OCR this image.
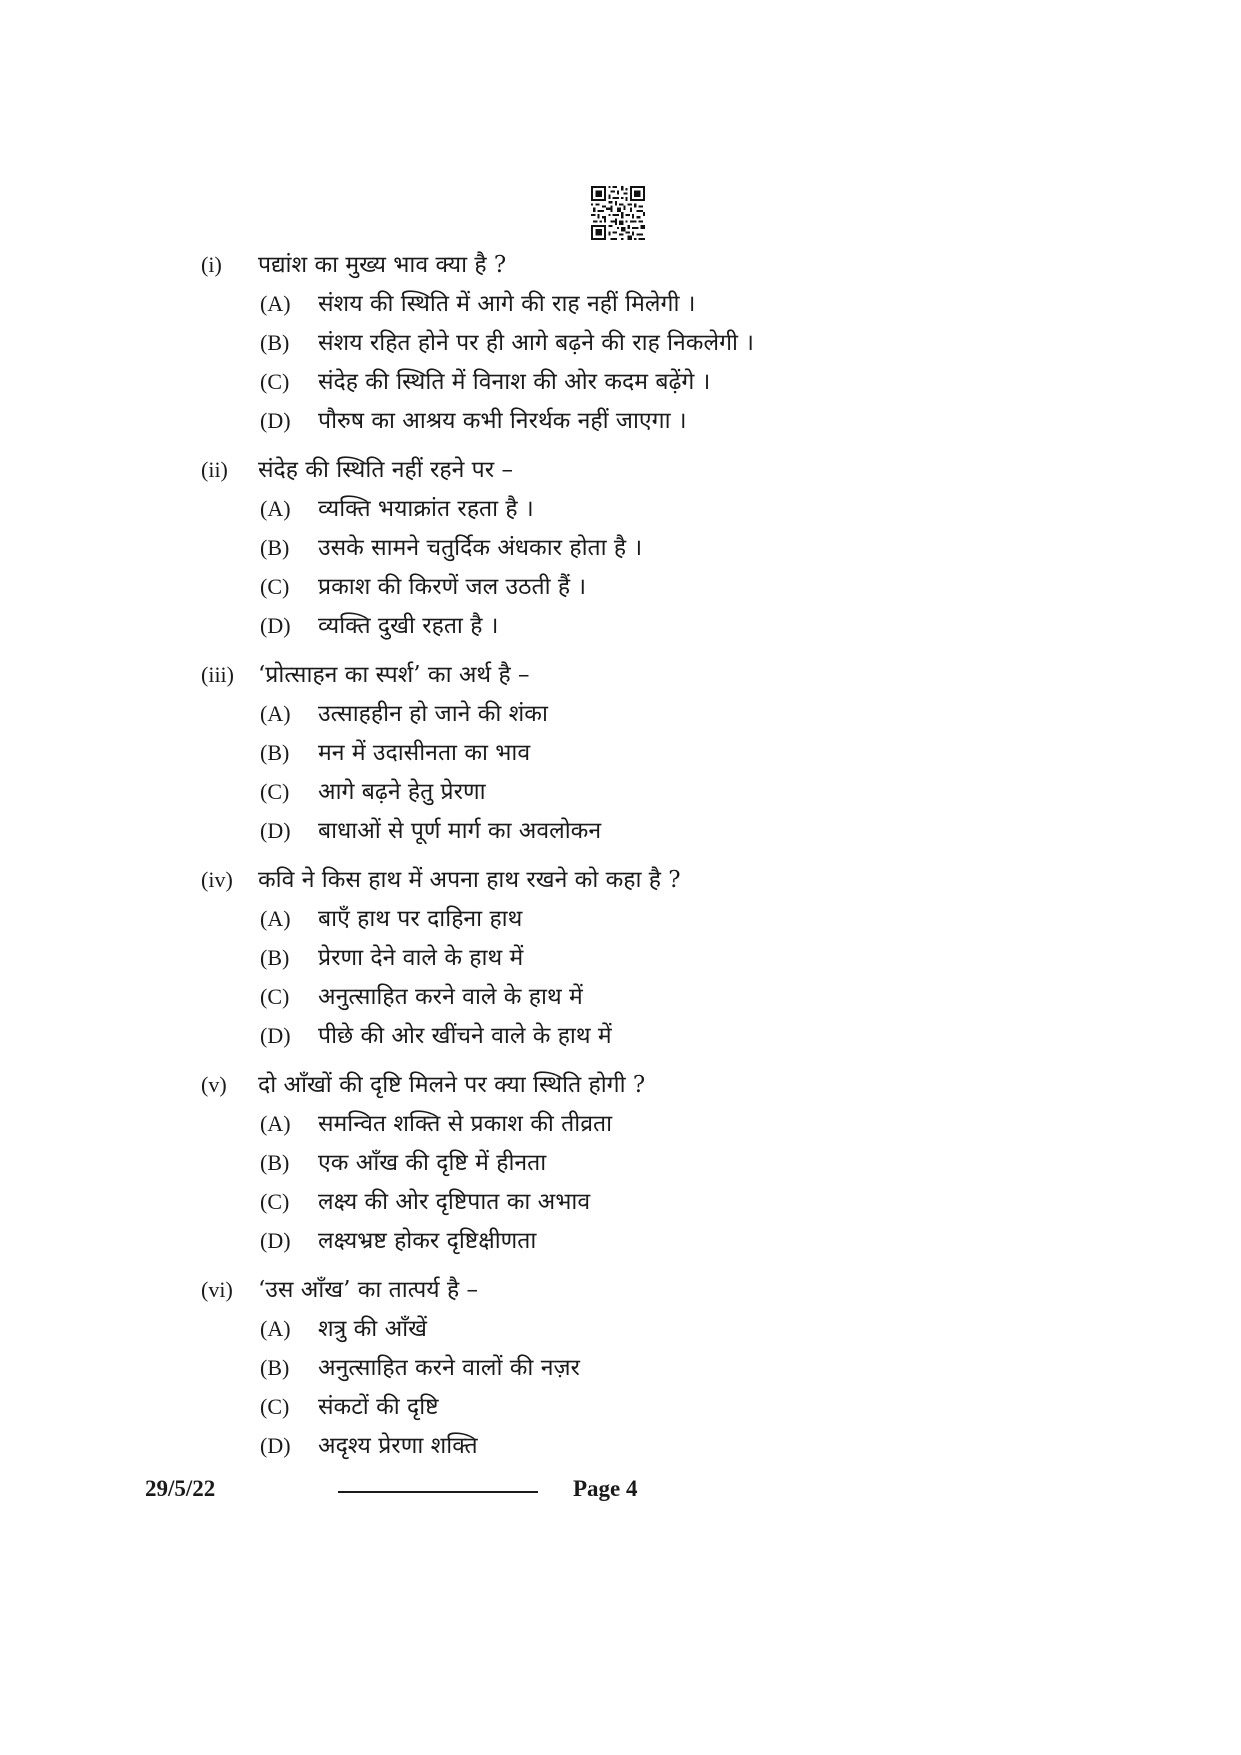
(i)	पद्यांश का मुख्य भाव क्या है ?
(A)	संशय की स्थिति में आगे की राह नहीं मिलेगी ।
(B)	संशय रहित होने पर ही आगे बढ़ने की राह निकलेगी ।
(C)	संदेह की स्थिति में विनाश की ओर कदम बढ़ेंगे ।
(D)	पौरुष का आश्रय कभी निरर्थक नहीं जाएगा ।
(ii)	संदेह की स्थिति नहीं रहने पर –
(A)	व्यक्ति भयाक्रांत रहता है ।
(B)	उसके सामने चतुर्दिक अंधकार होता है ।
(C)	प्रकाश की किरणें जल उठती हैं ।
(D)	व्यक्ति दुखी रहता है ।
(iii)	‘प्रोत्साहन का स्पर्श’ का अर्थ है –
(A)	उत्साहहीन हो जाने की शंका
(B)	मन में उदासीनता का भाव
(C)	आगे बढ़ने हेतु प्रेरणा
(D)	बाधाओं से पूर्ण मार्ग का अवलोकन
(iv)	कवि ने किस हाथ में अपना हाथ रखने को कहा है ?
(A)	बाएँ हाथ पर दाहिना हाथ
(B)	प्रेरणा देने वाले के हाथ में
(C)	अनुत्साहित करने वाले के हाथ में
(D)	पीछे की ओर खींचने वाले के हाथ में
(v)	दो आँखों की दृष्टि मिलने पर क्या स्थिति होगी ?
(A)	समन्वित शक्ति से प्रकाश की तीव्रता
(B)	एक आँख की दृष्टि में हीनता
(C)	लक्ष्य की ओर दृष्टिपात का अभाव
(D)	लक्ष्यभ्रष्ट होकर दृष्टिक्षीणता
(vi)	‘उस आँख’ का तात्पर्य है –
(A)	शत्रु की आँखें
(B)	अनुत्साहित करने वालों की नज़र
(C)	संकटों की दृष्टि
(D)	अदृश्य प्रेरणा शक्ति
29/5/22	Page 4
